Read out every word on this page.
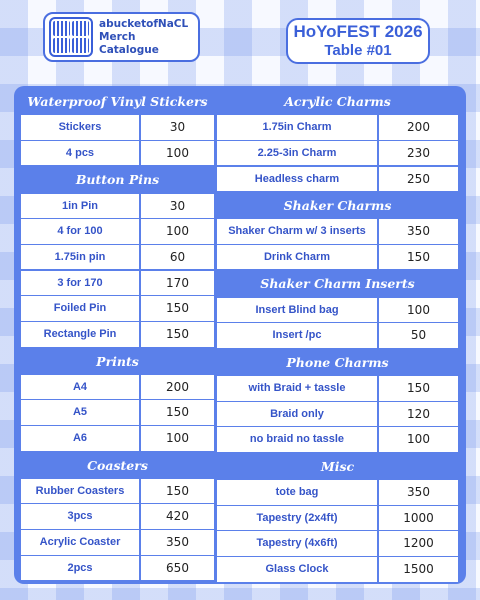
abucketofNaCL
Merch
Catalogue
HoYoFEST 2026
Table #01
Waterproof Vinyl Stickers
Stickers	30
4 pcs	100
Button Pins
1in Pin	30
4 for 100	100
1.75in pin	60
3 for 170	170
Foiled Pin	150
Rectangle Pin	150
Prints
A4	200
A5	150
A6	100
Coasters
Rubber Coasters	150
3pcs	420
Acrylic Coaster	350
2pcs	650
Acrylic Charms
1.75in Charm	200
2.25-3in Charm	230
Headless charm	250
Shaker Charms
Shaker Charm w/ 3 inserts	350
Drink Charm	150
Shaker Charm Inserts
Insert Blind bag	100
Insert /pc	50
Phone Charms
with Braid + tassle	150
Braid only	120
no braid no tassle	100
Misc
tote bag	350
Tapestry (2x4ft)	1000
Tapestry (4x6ft)	1200
Glass Clock	1500
